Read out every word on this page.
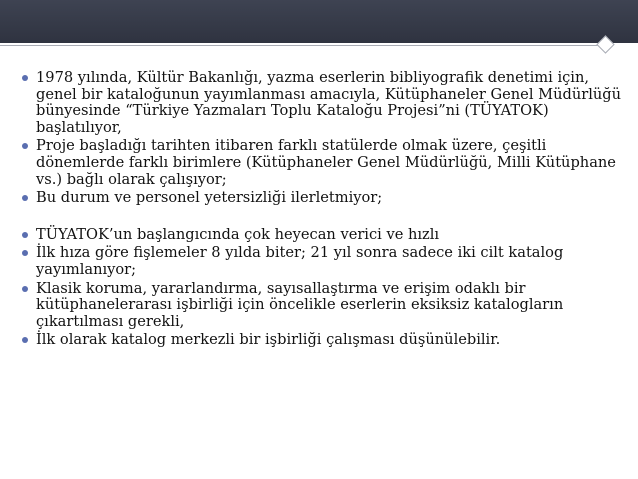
1978 yılında, Kültür Bakanlığı, yazma eserlerin bibliyografik denetimi için, genel bir kataloğunun yayımlanması amacıyla, Kütüphaneler Genel Müdürlüğü bünyesinde “Türkiye Yazmaları Toplu Kataloğu Projesi”ni (TÜYATOK) başlatılıyor,
Proje başladığı tarihten itibaren farklı statülerde olmak üzere, çeşitli dönemlerde farklı birimlere (Kütüphaneler Genel Müdürlüğü, Milli Kütüphane vs.) bağlı olarak çalışıyor;
Bu durum ve personel yetersizliği ilerletmiyor;
TÜYATOK’un başlangıcında çok heyecan verici ve hızlı
İlk hıza göre fişlemeler 8 yılda biter; 21 yıl sonra sadece iki cilt katalog yayımlanıyor;
Klasik koruma, yararlandırma, sayısallaştırma ve erişim odaklı bir kütüphanelerarası işbirliği için öncelikle eserlerin eksiksiz katalogların çıkartılması gerekli,
İlk olarak katalog merkezli bir işbirliği çalışması düşünülebilir.
